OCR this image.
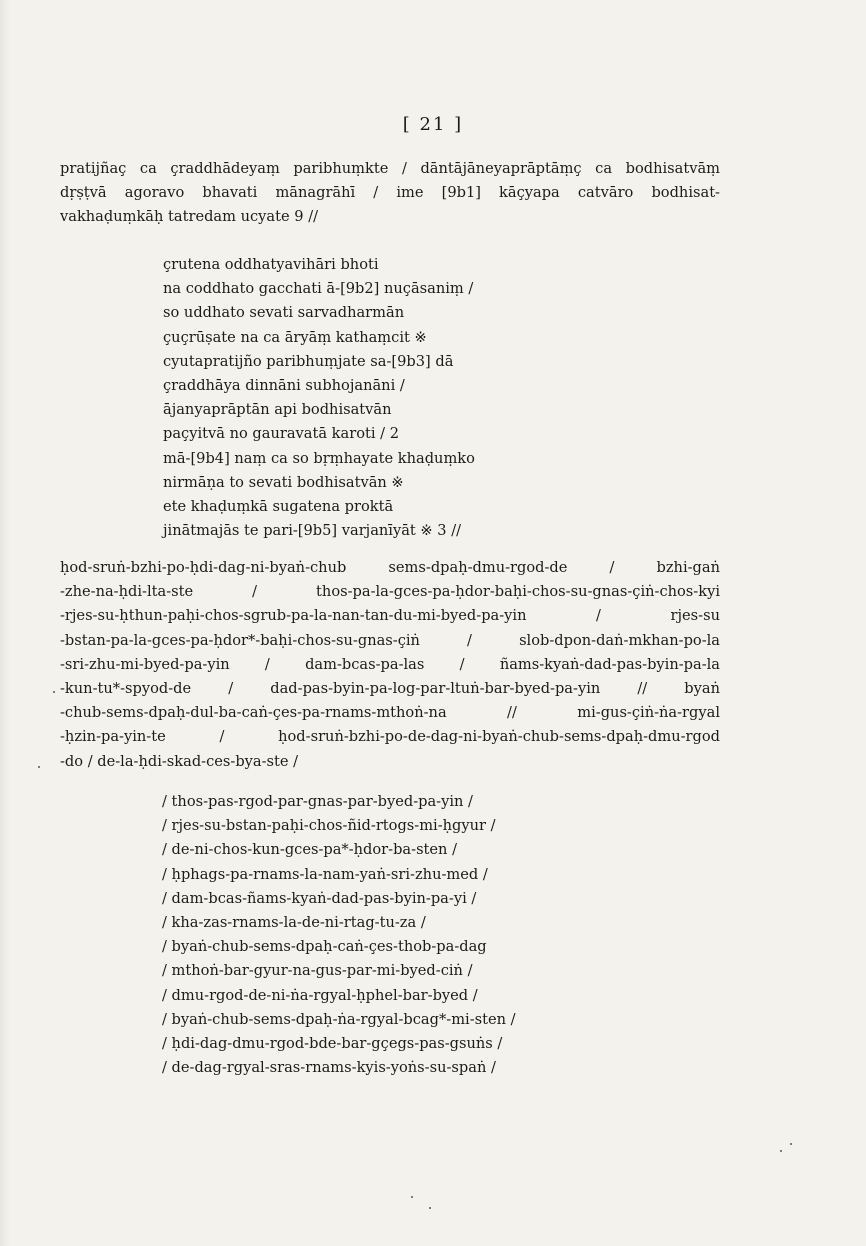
[ 21 ]
pratijñaç ca çraddhādeyaṃ paribhuṃkte / dāntājāneyaprāptāṃç ca bodhisatvāṃ
dṛṣṭvā agoravo bhavati mānagrāhī / ime [9b1] kāçyapa catvāro bodhisat-
vakhaḍuṃkāḥ tatredam ucyate 9 //
çrutena oddhatyavihāri bhoti
na coddhato gacchati ā-[9b2] nuçāsaniṃ /
so uddhato sevati sarvadharmān
çuçrūṣate na ca āryāṃ kathaṃcit ※
cyutapratijño paribhuṃjate sa-[9b3] dā
çraddhāya dinnāni subhojanāni /
ājanyaprāptān api bodhisatvān
paçyitvā no gauravatā karoti / 2
mā-[9b4] naṃ ca so bṛṃhayate khaḍuṃko
nirmāṇa to sevati bodhisatvān ※
ete khaḍuṃkā sugatena proktā
jinātmajās te pari-[9b5] varjanīyāt ※ 3 //
ḥod-sruṅ-bzhi-po-ḥdi-dag-ni-byaṅ-chub sems-dpaḥ-dmu-rgod-de / bzhi-gaṅ
-zhe-na-ḥdi-lta-ste / thos-pa-la-gces-pa-ḥdor-baḥi-chos-su-gnas-çiṅ-chos-kyi
-rjes-su-ḥthun-paḥi-chos-sgrub-pa-la-nan-tan-du-mi-byed-pa-yin / rjes-su
-bstan-pa-la-gces-pa-ḥdor*-baḥi-chos-su-gnas-çiṅ / slob-dpon-daṅ-mkhan-po-la
-sri-zhu-mi-byed-pa-yin / dam-bcas-pa-las / ñams-kyaṅ-dad-pas-byin-pa-la
-kun-tu*-spyod-de / dad-pas-byin-pa-log-par-ltuṅ-bar-byed-pa-yin // byaṅ
-chub-sems-dpaḥ-dul-ba-caṅ-çes-pa-rnams-mthoṅ-na // mi-gus-çiṅ-ṅa-rgyal
-ḥzin-pa-yin-te / ḥod-sruṅ-bzhi-po-de-dag-ni-byaṅ-chub-sems-dpaḥ-dmu-rgod
-do / de-la-ḥdi-skad-ces-bya-ste /
/ thos-pas-rgod-par-gnas-par-byed-pa-yin /
/ rjes-su-bstan-paḥi-chos-ñid-rtogs-mi-ḥgyur /
/ de-ni-chos-kun-gces-pa*-ḥdor-ba-sten /
/ ḥphags-pa-rnams-la-nam-yaṅ-sri-zhu-med /
/ dam-bcas-ñams-kyaṅ-dad-pas-byin-pa-yi /
/ kha-zas-rnams-la-de-ni-rtag-tu-za /
/ byaṅ-chub-sems-dpaḥ-caṅ-çes-thob-pa-dag
/ mthoṅ-bar-gyur-na-gus-par-mi-byed-ciṅ /
/ dmu-rgod-de-ni-ṅa-rgyal-ḥphel-bar-byed /
/ byaṅ-chub-sems-dpaḥ-ṅa-rgyal-bcag*-mi-sten /
/ ḥdi-dag-dmu-rgod-bde-bar-gçegs-pas-gsuṅs /
/ de-dag-rgyal-sras-rnams-kyis-yoṅs-su-spaṅ /
